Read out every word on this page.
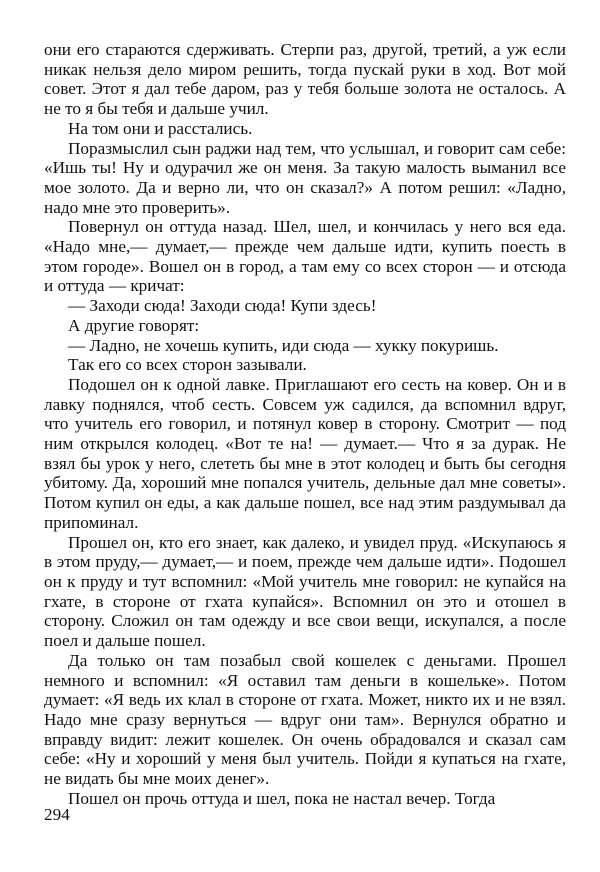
они его стараются сдерживать. Стерпи раз, другой, третий, а уж если никак нельзя дело миром решить, тогда пускай руки в ход. Вот мой совет. Этот я дал тебе даром, раз у тебя больше золота не осталось. А не то я бы тебя и дальше учил.

На том они и расстались.

Поразмыслил сын раджи над тем, что услышал, и говорит сам себе: «Ишь ты! Ну и одурачил же он меня. За такую малость выманил все мое золото. Да и верно ли, что он сказал?» А потом решил: «Ладно, надо мне это проверить».

Повернул он оттуда назад. Шел, шел, и кончилась у него вся еда. «Надо мне,— думает,— прежде чем дальше идти, купить поесть в этом городе». Вошел он в город, а там ему со всех сторон — и отсюда и оттуда — кричат:

— Заходи сюда! Заходи сюда! Купи здесь!

А другие говорят:

— Ладно, не хочешь купить, иди сюда — хукку покуришь.

Так его со всех сторон зазывали.

Подошел он к одной лавке. Приглашают его сесть на ковер. Он и в лавку поднялся, чтоб сесть. Совсем уж садился, да вспомнил вдруг, что учитель его говорил, и потянул ковер в сторону. Смотрит — под ним открылся колодец. «Вот те на! — думает.— Что я за дурак. Не взял бы урок у него, слететь бы мне в этот колодец и быть бы сегодня убитому. Да, хороший мне попался учитель, дельные дал мне советы». Потом купил он еды, а как дальше пошел, все над этим раздумывал да припоминал.

Прошел он, кто его знает, как далеко, и увидел пруд. «Искупаюсь я в этом пруду,— думает,— и поем, прежде чем дальше идти». Подошел он к пруду и тут вспомнил: «Мой учитель мне говорил: не купайся на гхате, в стороне от гхата купайся». Вспомнил он это и отошел в сторону. Сложил он там одежду и все свои вещи, искупался, а после поел и дальше пошел.

Да только он там позабыл свой кошелек с деньгами. Прошел немного и вспомнил: «Я оставил там деньги в кошельке». Потом думает: «Я ведь их клал в стороне от гхата. Может, никто их и не взял. Надо мне сразу вернуться — вдруг они там». Вернулся обратно и вправду видит: лежит кошелек. Он очень обрадовался и сказал сам себе: «Ну и хороший у меня был учитель. Пойди я купаться на гхате, не видать бы мне моих денег».

Пошел он прочь оттуда и шел, пока не настал вечер. Тогда

294
